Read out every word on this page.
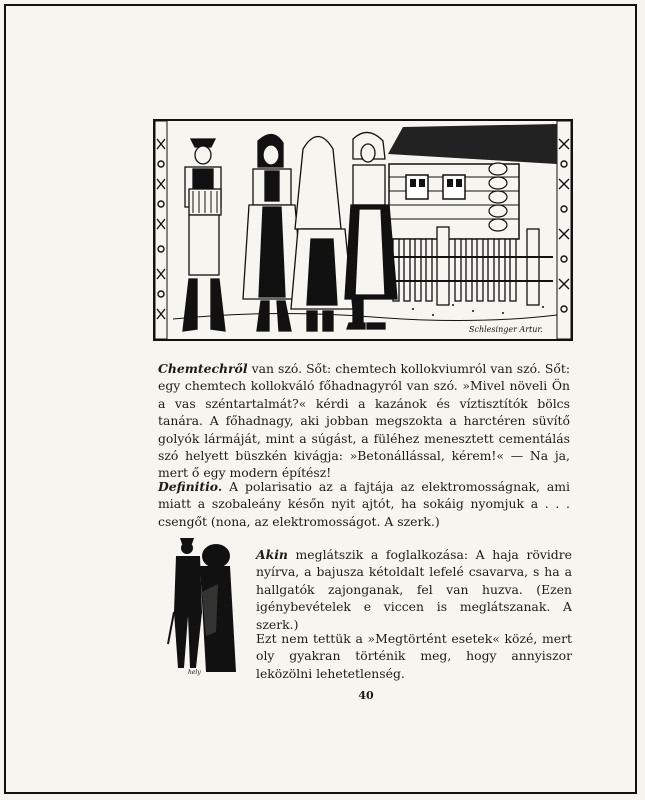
Schlesinger Artur.
Chemtechről van szó. Sőt: chemtech kollokviumról van szó. Sőt: egy chemtech kollokváló főhadnagyról van szó. »Mivel növeli Ön a vas széntartalmát?« kérdi a kazánok és víztisztítók bölcs tanára. A főhadnagy, aki jobban megszokta a harctéren süvítő golyók lármáját, mint a súgást, a füléhez menesztett cementálás szó helyett büszkén kivágja: »Betonállással, kérem!« — Na ja, mert ő egy modern építész!
Definitio. A polarisatio az a fajtája az elektromosságnak, ami miatt a szobaleány későn nyit ajtót, ha sokáig nyomjuk a . . . csengőt (nona, az elektromosságot. A szerk.)
hely
Akin meglátszik a foglalkozása: A haja rövidre nyírva, a bajusza kétoldalt lefelé csavarva, s ha a hallgatók zajonganak, fel van huzva. (Ezen igénybevételek e viccen is meglátszanak. A szerk.)
Ezt nem tettük a »Megtörtént esetek« közé, mert oly gyakran történik meg, hogy annyiszor leközölni lehetetlenség.
40
